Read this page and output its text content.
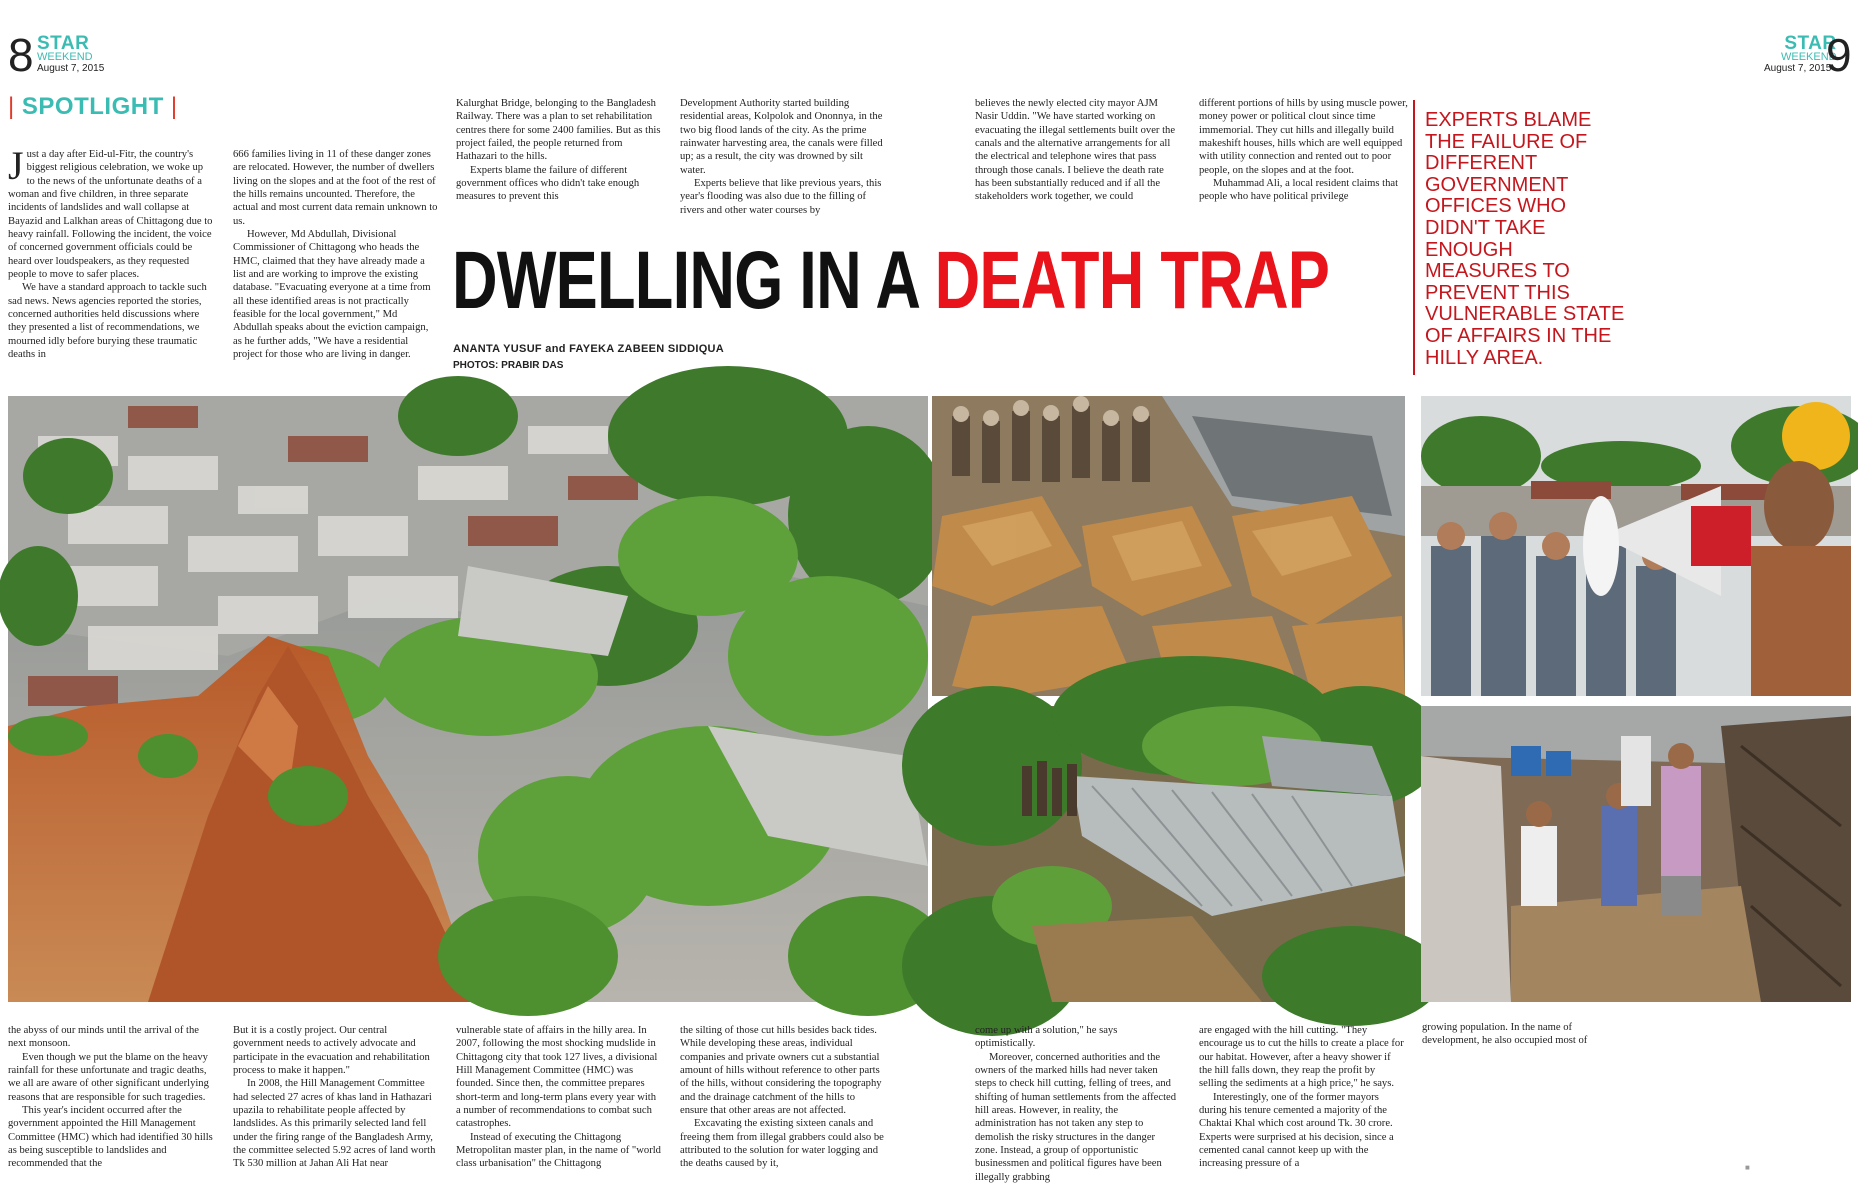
8 STAR
WEEKEND
August 7, 2015
STAR
WEEKEND
August 7, 2015
9
| SPOTLIGHT |

Just a day after Eid-ul-Fitr, the country's biggest religious celebration, we woke up to the news of the unfortunate deaths of a woman and five children, in three separate incidents of landslides and wall collapse at Bayazid and Lalkhan areas of Chittagong due to heavy rainfall. Following the incident, the voice of concerned government officials could be heard over loudspeakers, as they requested people to move to safer places.

We have a standard approach to tackle such sad news. News agencies reported the stories, concerned authorities held discussions where they presented a list of recommendations, we mourned idly before burying these traumatic deaths in

666 families living in 11 of these danger zones are relocated. However, the number of dwellers living on the slopes and at the foot of the rest of the hills remains uncounted. Therefore, the actual and most current data remain unknown to us.

However, Md Abdullah, Divisional Commissioner of Chittagong who heads the HMC, claimed that they have already made a list and are working to improve the existing database. "Evacuating everyone at a time from all these identified areas is not practically feasible for the local government," Md Abdullah speaks about the eviction campaign, as he further adds, "We have a residential project for those who are living in danger.

Kalurghat Bridge, belonging to the Bangladesh Railway. There was a plan to set rehabilitation centres there for some 2400 families. But as this project failed, the people returned from Hathazari to the hills.

Experts blame the failure of different government offices who didn't take enough measures to prevent this

Development Authority started building residential areas, Kolpolok and Ononnya, in the two big flood lands of the city. As the prime rainwater harvesting area, the canals were filled up; as a result, the city was drowned by silt water.

Experts believe that like previous years, this year's flooding was also due to the filling of rivers and other water courses by

believes the newly elected city mayor AJM Nasir Uddin. "We have started working on evacuating the illegal settlements built over the canals and the alternative arrangements for all the electrical and telephone wires that pass through those canals. I believe the death rate has been substantially reduced and if all the stakeholders work together, we could

different portions of hills by using muscle power, money power or political clout since time immemorial. They cut hills and illegally build makeshift houses, hills which are well equipped with utility connection and rented out to poor people, on the slopes and at the foot.

Muhammad Ali, a local resident claims that people who have political privilege

DWELLING IN A DEATH TRAP
ANANTA YUSUF and FAYEKA ZABEEN SIDDIQUA
PHOTOS: PRABIR DAS
EXPERTS BLAME THE FAILURE OF DIFFERENT GOVERNMENT OFFICES WHO DIDN'T TAKE ENOUGH MEASURES TO PREVENT THIS VULNERABLE STATE OF AFFAIRS IN THE HILLY AREA.

the abyss of our minds until the arrival of the next monsoon.

Even though we put the blame on the heavy rainfall for these unfortunate and tragic deaths, we all are aware of other significant underlying reasons that are responsible for such tragedies.

This year's incident occurred after the government appointed the Hill Management Committee (HMC) which had identified 30 hills as being susceptible to landslides and recommended that the

But it is a costly project. Our central government needs to actively advocate and participate in the evacuation and rehabilitation process to make it happen."

In 2008, the Hill Management Committee had selected 27 acres of khas land in Hathazari upazila to rehabilitate people affected by landslides. As this primarily selected land fell under the firing range of the Bangladesh Army, the committee selected 5.92 acres of land worth Tk 530 million at Jahan Ali Hat near

vulnerable state of affairs in the hilly area. In 2007, following the most shocking mudslide in Chittagong city that took 127 lives, a divisional Hill Management Committee (HMC) was founded. Since then, the committee prepares short-term and long-term plans every year with a number of recommendations to combat such catastrophes.

Instead of executing the Chittagong Metropolitan master plan, in the name of "world class urbanisation" the Chittagong

the silting of those cut hills besides back tides. While developing these areas, individual companies and private owners cut a substantial amount of hills without reference to other parts of the hills, without considering the topography and the drainage catchment of the hills to ensure that other areas are not affected.

Excavating the existing sixteen canals and freeing them from illegal grabbers could also be attributed to the solution for water logging and the deaths caused by it,

come up with a solution," he says optimistically.

Moreover, concerned authorities and the owners of the marked hills had never taken steps to check hill cutting, felling of trees, and shifting of human settlements from the affected hill areas. However, in reality, the administration has not taken any step to demolish the risky structures in the danger zone. Instead, a group of opportunistic businessmen and political figures have been illegally grabbing

are engaged with the hill cutting. "They encourage us to cut the hills to create a place for our habitat. However, after a heavy shower if the hill falls down, they reap the profit by selling the sediments at a high price," he says.

Interestingly, one of the former mayors during his tenure cemented a majority of the Chaktai Khal which cost around Tk. 30 crore. Experts were surprised at his decision, since a cemented canal cannot keep up with the increasing pressure of a

growing population. In the name of development, he also occupied most of

■
